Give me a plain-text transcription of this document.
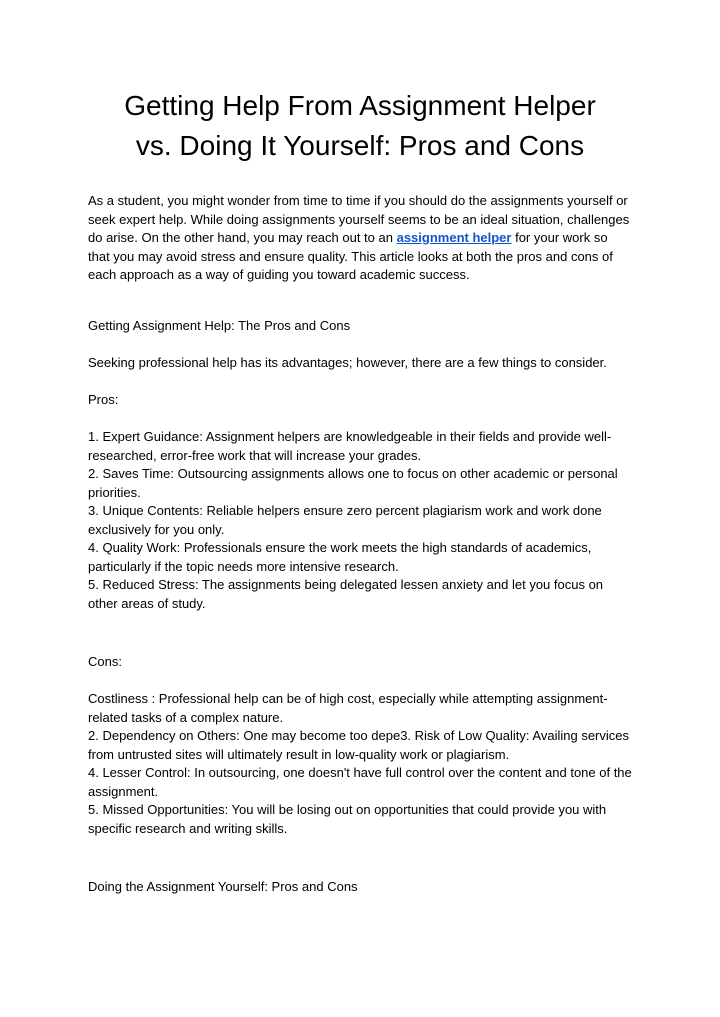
Getting Help From Assignment Helper
vs. Doing It Yourself: Pros and Cons

As a student, you might wonder from time to time if you should do the assignments yourself or seek expert help. While doing assignments yourself seems to be an ideal situation, challenges do arise. On the other hand, you may reach out to an assignment helper for your work so that you may avoid stress and ensure quality. This article looks at both the pros and cons of each approach as a way of guiding you toward academic success.

Getting Assignment Help: The Pros and Cons

Seeking professional help has its advantages; however, there are a few things to consider.

Pros:

1. Expert Guidance: Assignment helpers are knowledgeable in their fields and provide well-researched, error-free work that will increase your grades.

2. Saves Time: Outsourcing assignments allows one to focus on other academic or personal priorities.

3. Unique Contents: Reliable helpers ensure zero percent plagiarism work and work done exclusively for you only.

4. Quality Work: Professionals ensure the work meets the high standards of academics, particularly if the topic needs more intensive research.

5. Reduced Stress: The assignments being delegated lessen anxiety and let you focus on other areas of study.

Cons:

Costliness : Professional help can be of high cost, especially while attempting assignment-related tasks of a complex nature.

2. Dependency on Others: One may become too depe3. Risk of Low Quality: Availing services from untrusted sites will ultimately result in low-quality work or plagiarism.

4. Lesser Control: In outsourcing, one doesn't have full control over the content and tone of the assignment.

5. Missed Opportunities: You will be losing out on opportunities that could provide you with specific research and writing skills.

Doing the Assignment Yourself: Pros and Cons
